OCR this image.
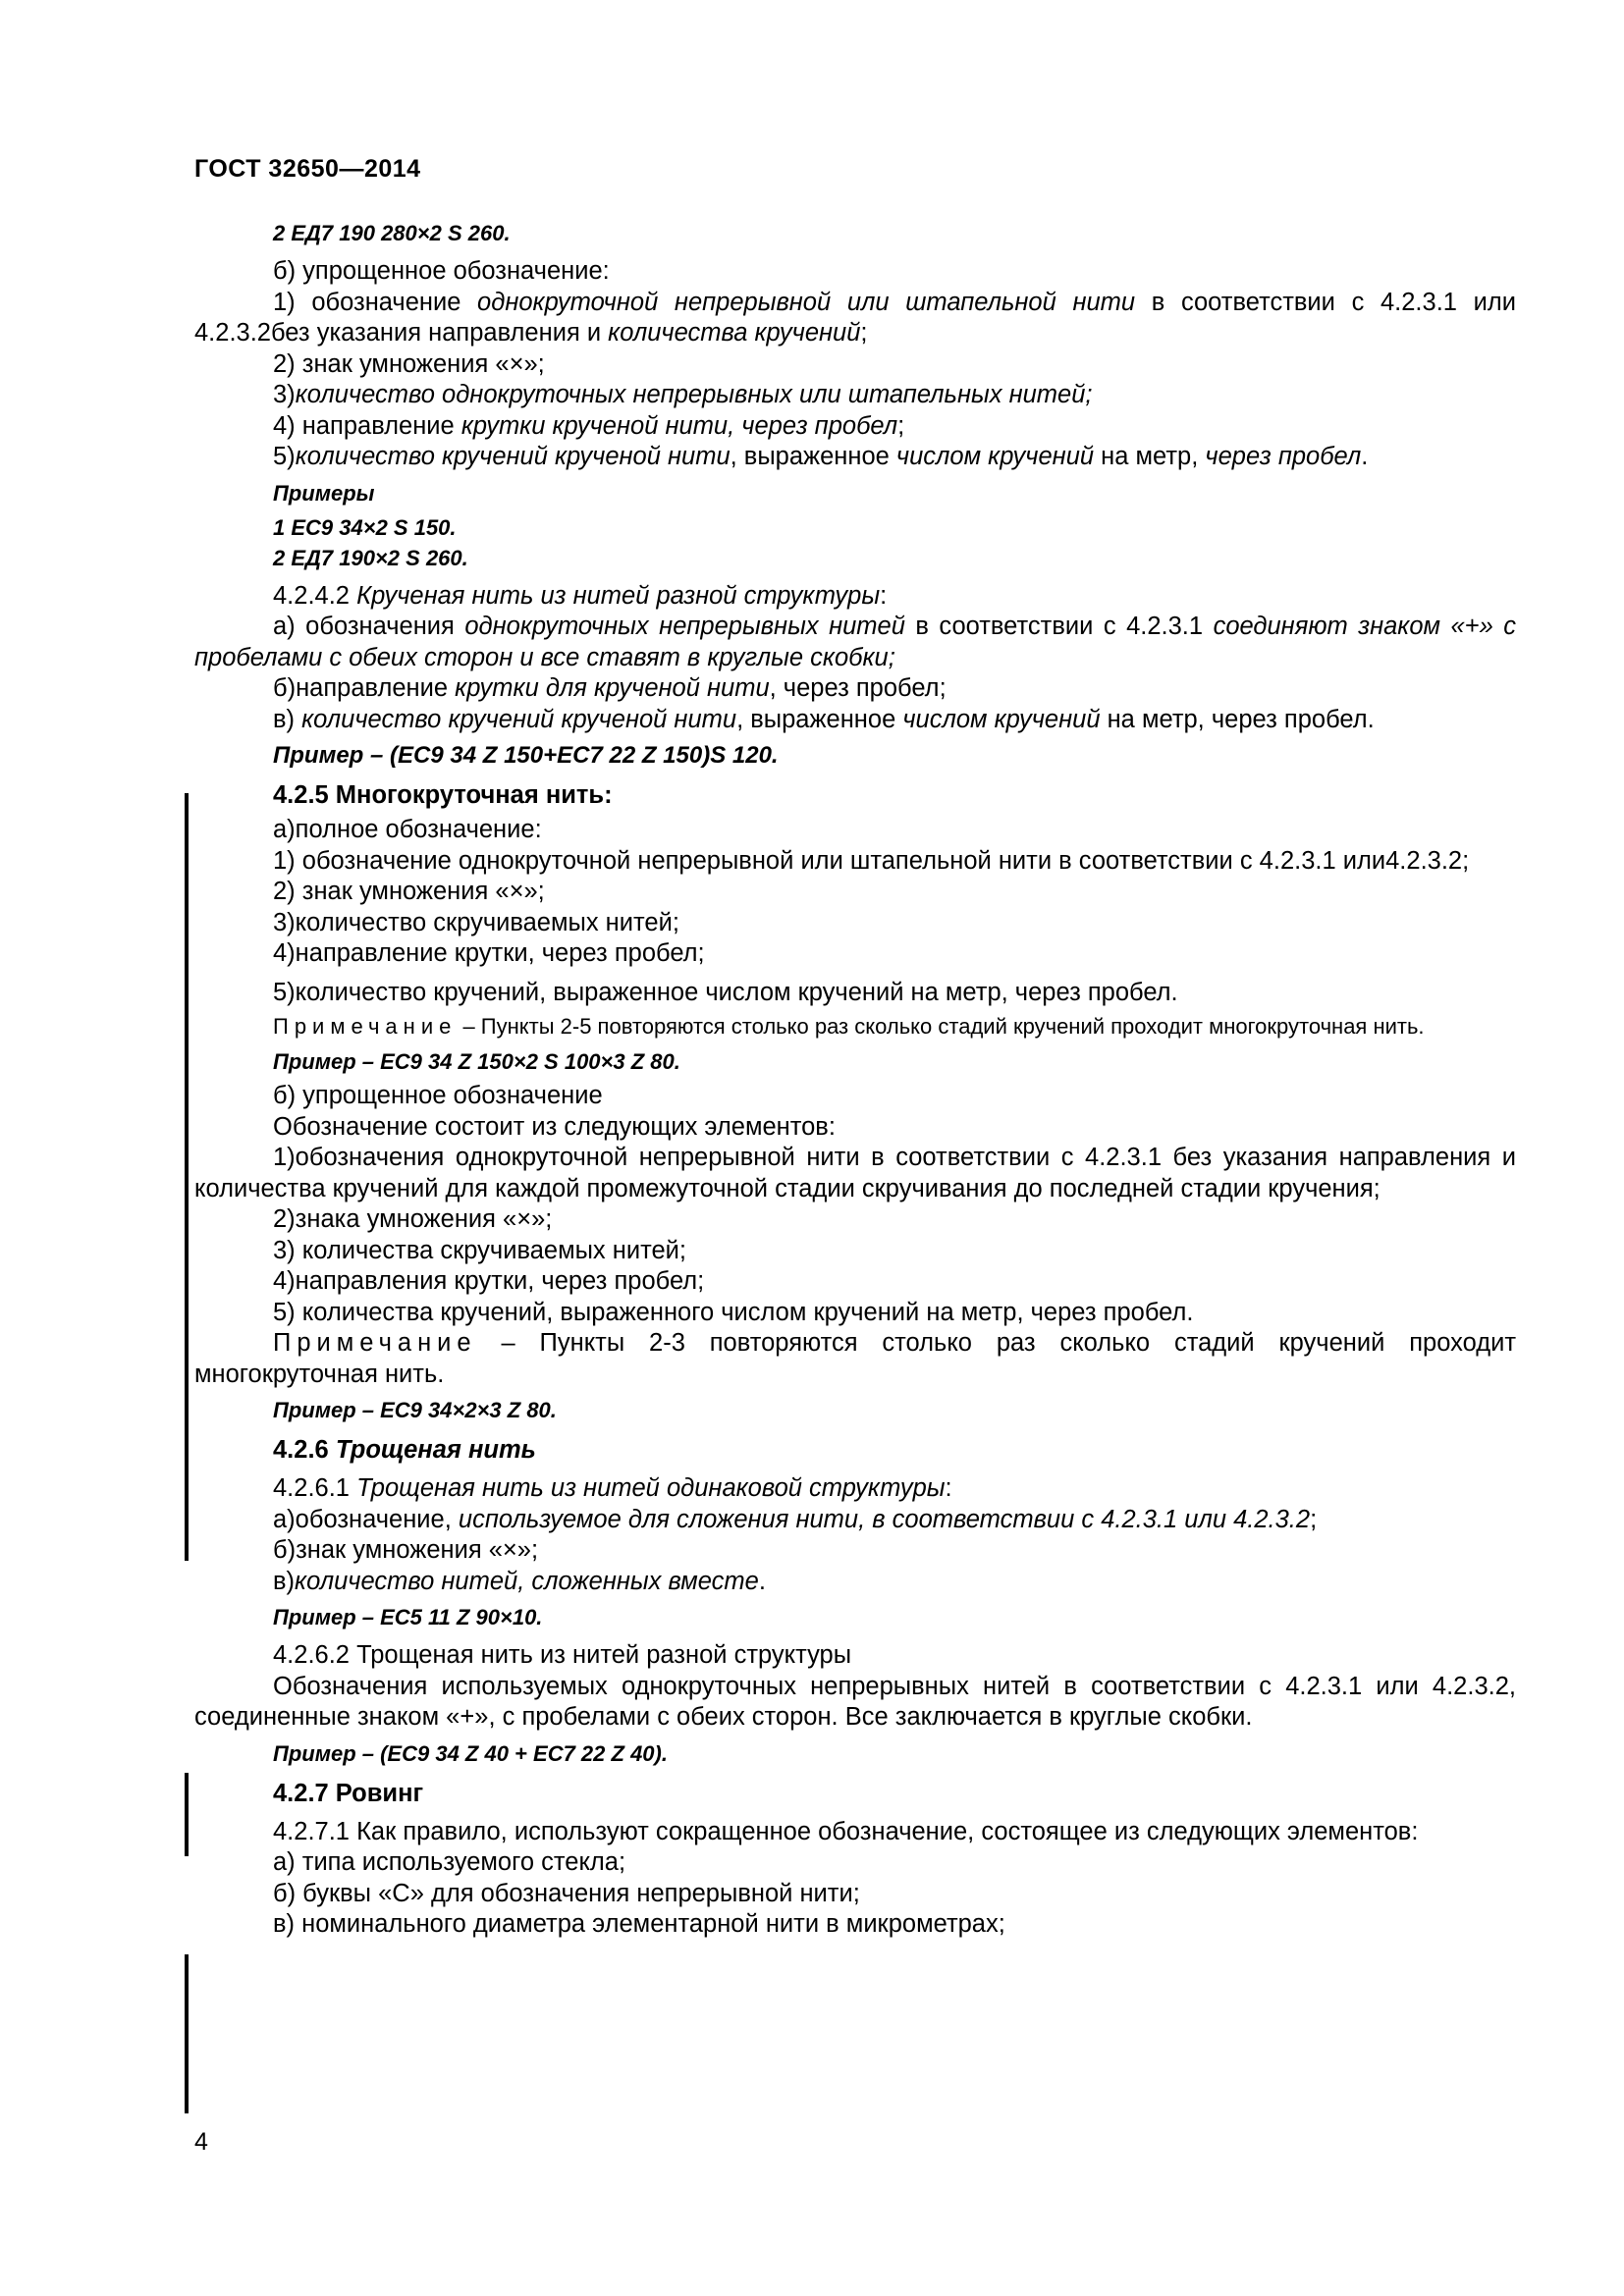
ГОСТ 32650—2014
2 ЕД7 190 280×2 S 260.

б) упрощенное обозначение:

1) обозначение однокруточной непрерывной или штапельной нити в соответствии с 4.2.3.1 или 4.2.3.2без указания направления и количества кручений;

2) знак умножения «×»;

3)количество однокруточных непрерывных или штапельных нитей;

4) направление крутки крученой нити, через пробел;

5)количество кручений крученой нити, выраженное числом кручений на метр, через пробел.

Примеры
1 ЕС9 34×2 S 150.
2 ЕД7 190×2 S 260.

4.2.4.2 Крученая нить из нитей разной структуры:

а) обозначения однокруточных непрерывных нитей в соответствии с 4.2.3.1 соединяют знаком «+» с пробелами с обеих сторон и все ставят в круглые скобки;

б)направление крутки для крученой нити, через пробел;

в) количество кручений крученой нити, выраженное числом кручений на метр, через пробел.

Пример – (ЕС9 34 Z 150+ЕС7 22 Z 150)S 120.
4.2.5 Многокруточная нить:

а)полное обозначение:

1) обозначение однокруточной непрерывной или штапельной нити в соответствии с 4.2.3.1 или4.2.3.2;

2) знак умножения «×»;

3)количество скручиваемых нитей;

4)направление крутки, через пробел;

5)количество кручений, выраженное числом кручений на метр, через пробел.

Примечание – Пункты 2-5 повторяются столько раз сколько стадий кручений проходит многокруточная нить.

Пример – ЕС9 34 Z 150×2 S 100×3 Z 80.

б) упрощенное обозначение

Обозначение состоит из следующих элементов:

1)обозначения однокруточной непрерывной нити в соответствии с 4.2.3.1 без указания направления и количества кручений для каждой промежуточной стадии скручивания до последней стадии кручения;

2)знака умножения «×»;

3) количества скручиваемых нитей;

4)направления крутки, через пробел;

5) количества кручений, выраженного числом кручений на метр, через пробел.

Примечание – Пункты 2-3 повторяются столько раз сколько стадий кручений проходит многокруточная нить.

Пример – ЕС9 34×2×3 Z 80.
4.2.6 Трощеная нить

4.2.6.1 Трощеная нить из нитей одинаковой структуры:

а)обозначение, используемое для сложения нити, в соответствии с 4.2.3.1 или 4.2.3.2;

б)знак умножения «×»;

в)количество нитей, сложенных вместе.

Пример – ЕС5 11 Z 90×10.

4.2.6.2 Трощеная нить из нитей разной структуры

Обозначения используемых однокруточных непрерывных нитей в соответствии с 4.2.3.1 или 4.2.3.2, соединенные знаком «+», с пробелами с обеих сторон. Все заключается в круглые скобки.

Пример – (ЕС9 34 Z 40 + ЕС7 22 Z 40).
4.2.7 Ровинг

4.2.7.1 Как правило, используют сокращенное обозначение, состоящее из следующих элементов:

а) типа используемого стекла;

б) буквы «С» для обозначения непрерывной нити;

в) номинального диаметра элементарной нити в микрометрах;

4
